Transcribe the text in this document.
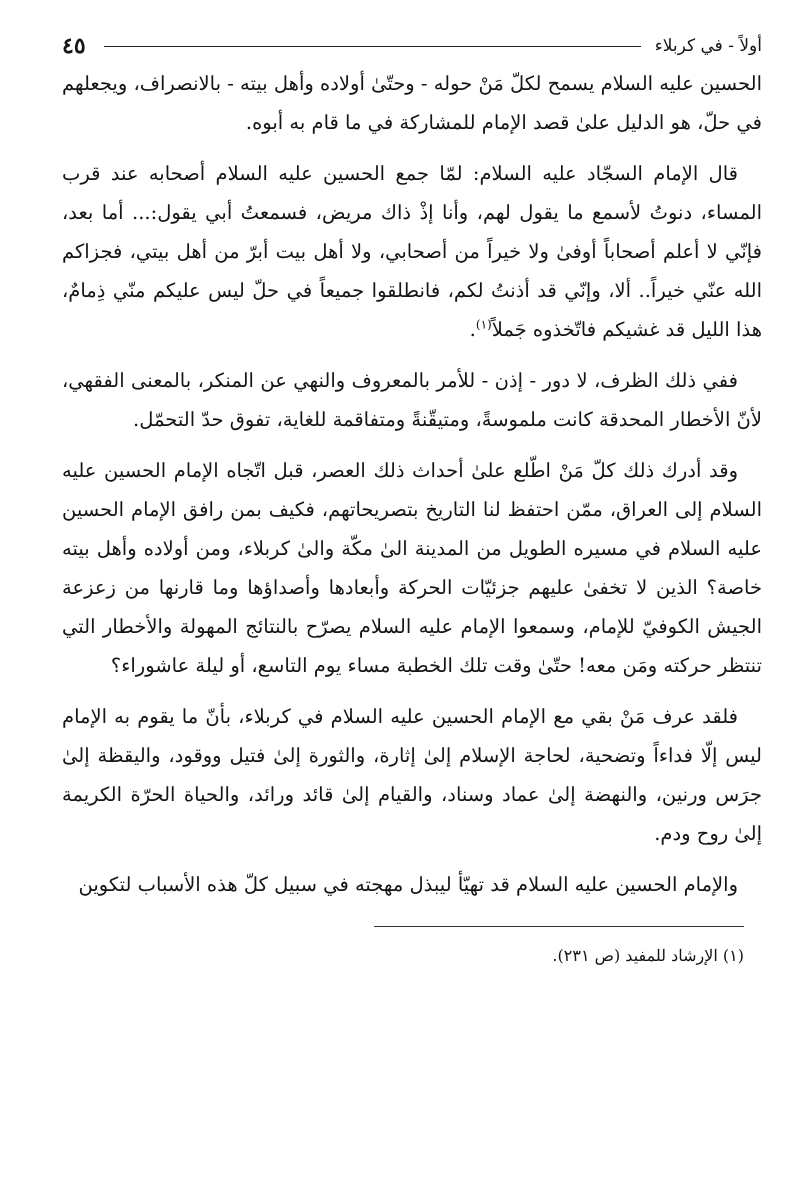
أولاً - في كربلاء
٤٥

الحسين عليه السلام يسمح لكلّ مَنْ حوله - وحتّىٰ أولاده وأهل بيته - بالانصراف، ويجعلهم في حلّ، هو الدليل علىٰ قصد الإمام للمشاركة في ما قام به أبوه.

قال الإمام السجّاد عليه السلام: لمّا جمع الحسين عليه السلام أصحابه عند قرب المساء، دنوتُ لأسمع ما يقول لهم، وأنا إذْ ذاك مريض، فسمعتُ أبي يقول:... أما بعد، فإنّي لا أعلم أصحاباً أوفىٰ ولا خيراً من أصحابي، ولا أهل بيت أبرّ من أهل بيتي، فجزاكم الله عنّي خيراً.. ألا، وإنّي قد أذنتُ لكم، فانطلقوا جميعاً في حلّ ليس عليكم منّي ذِمامٌ، هذا الليل قد غشيكم فاتّخذوه جَملاً$^{(١)}$.

ففي ذلك الظرف، لا دور - إذن - للأمر بالمعروف والنهي عن المنكر، بالمعنى الفقهي، لأنّ الأخطار المحدقة كانت ملموسةً، ومتيقّنةً ومتفاقمة للغاية، تفوق حدّ التحمّل.

وقد أدرك ذلك كلّ مَنْ اطّلع علىٰ أحداث ذلك العصر، قبل اتّجاه الإمام الحسين عليه السلام إلى العراق، ممّن احتفظ لنا التاريخ بتصريحاتهم، فكيف بمن رافق الإمام الحسين عليه السلام في مسيره الطويل من المدينة الىٰ مكّة والىٰ كربلاء، ومن أولاده وأهل بيته خاصة؟ الذين لا تخفىٰ عليهم جزئيّات الحركة وأبعادها وأصداؤها وما قارنها من زعزعة الجيش الكوفيّ للإمام، وسمعوا الإمام عليه السلام يصرّح بالنتائج المهولة والأخطار التي تنتظر حركته ومَن معه! حتّىٰ وقت تلك الخطبة مساء يوم التاسع، أو ليلة عاشوراء؟

فلقد عرف مَنْ بقي مع الإمام الحسين عليه السلام في كربلاء، بأنّ ما يقوم به الإمام ليس إلّا فداءاً وتضحية، لحاجة الإسلام إلىٰ إثارة، والثورة إلىٰ فتيل ووقود، واليقظة إلىٰ جرَس ورنين، والنهضة إلىٰ عماد وسناد، والقيام إلىٰ قائد ورائد، والحياة الحرّة الكريمة إلىٰ روح ودم.

والإمام الحسين عليه السلام قد تهيّأ ليبذل مهجته في سبيل كلّ هذه الأسباب لتكوين

(١) الإرشاد للمفيد (ص ٢٣١).
